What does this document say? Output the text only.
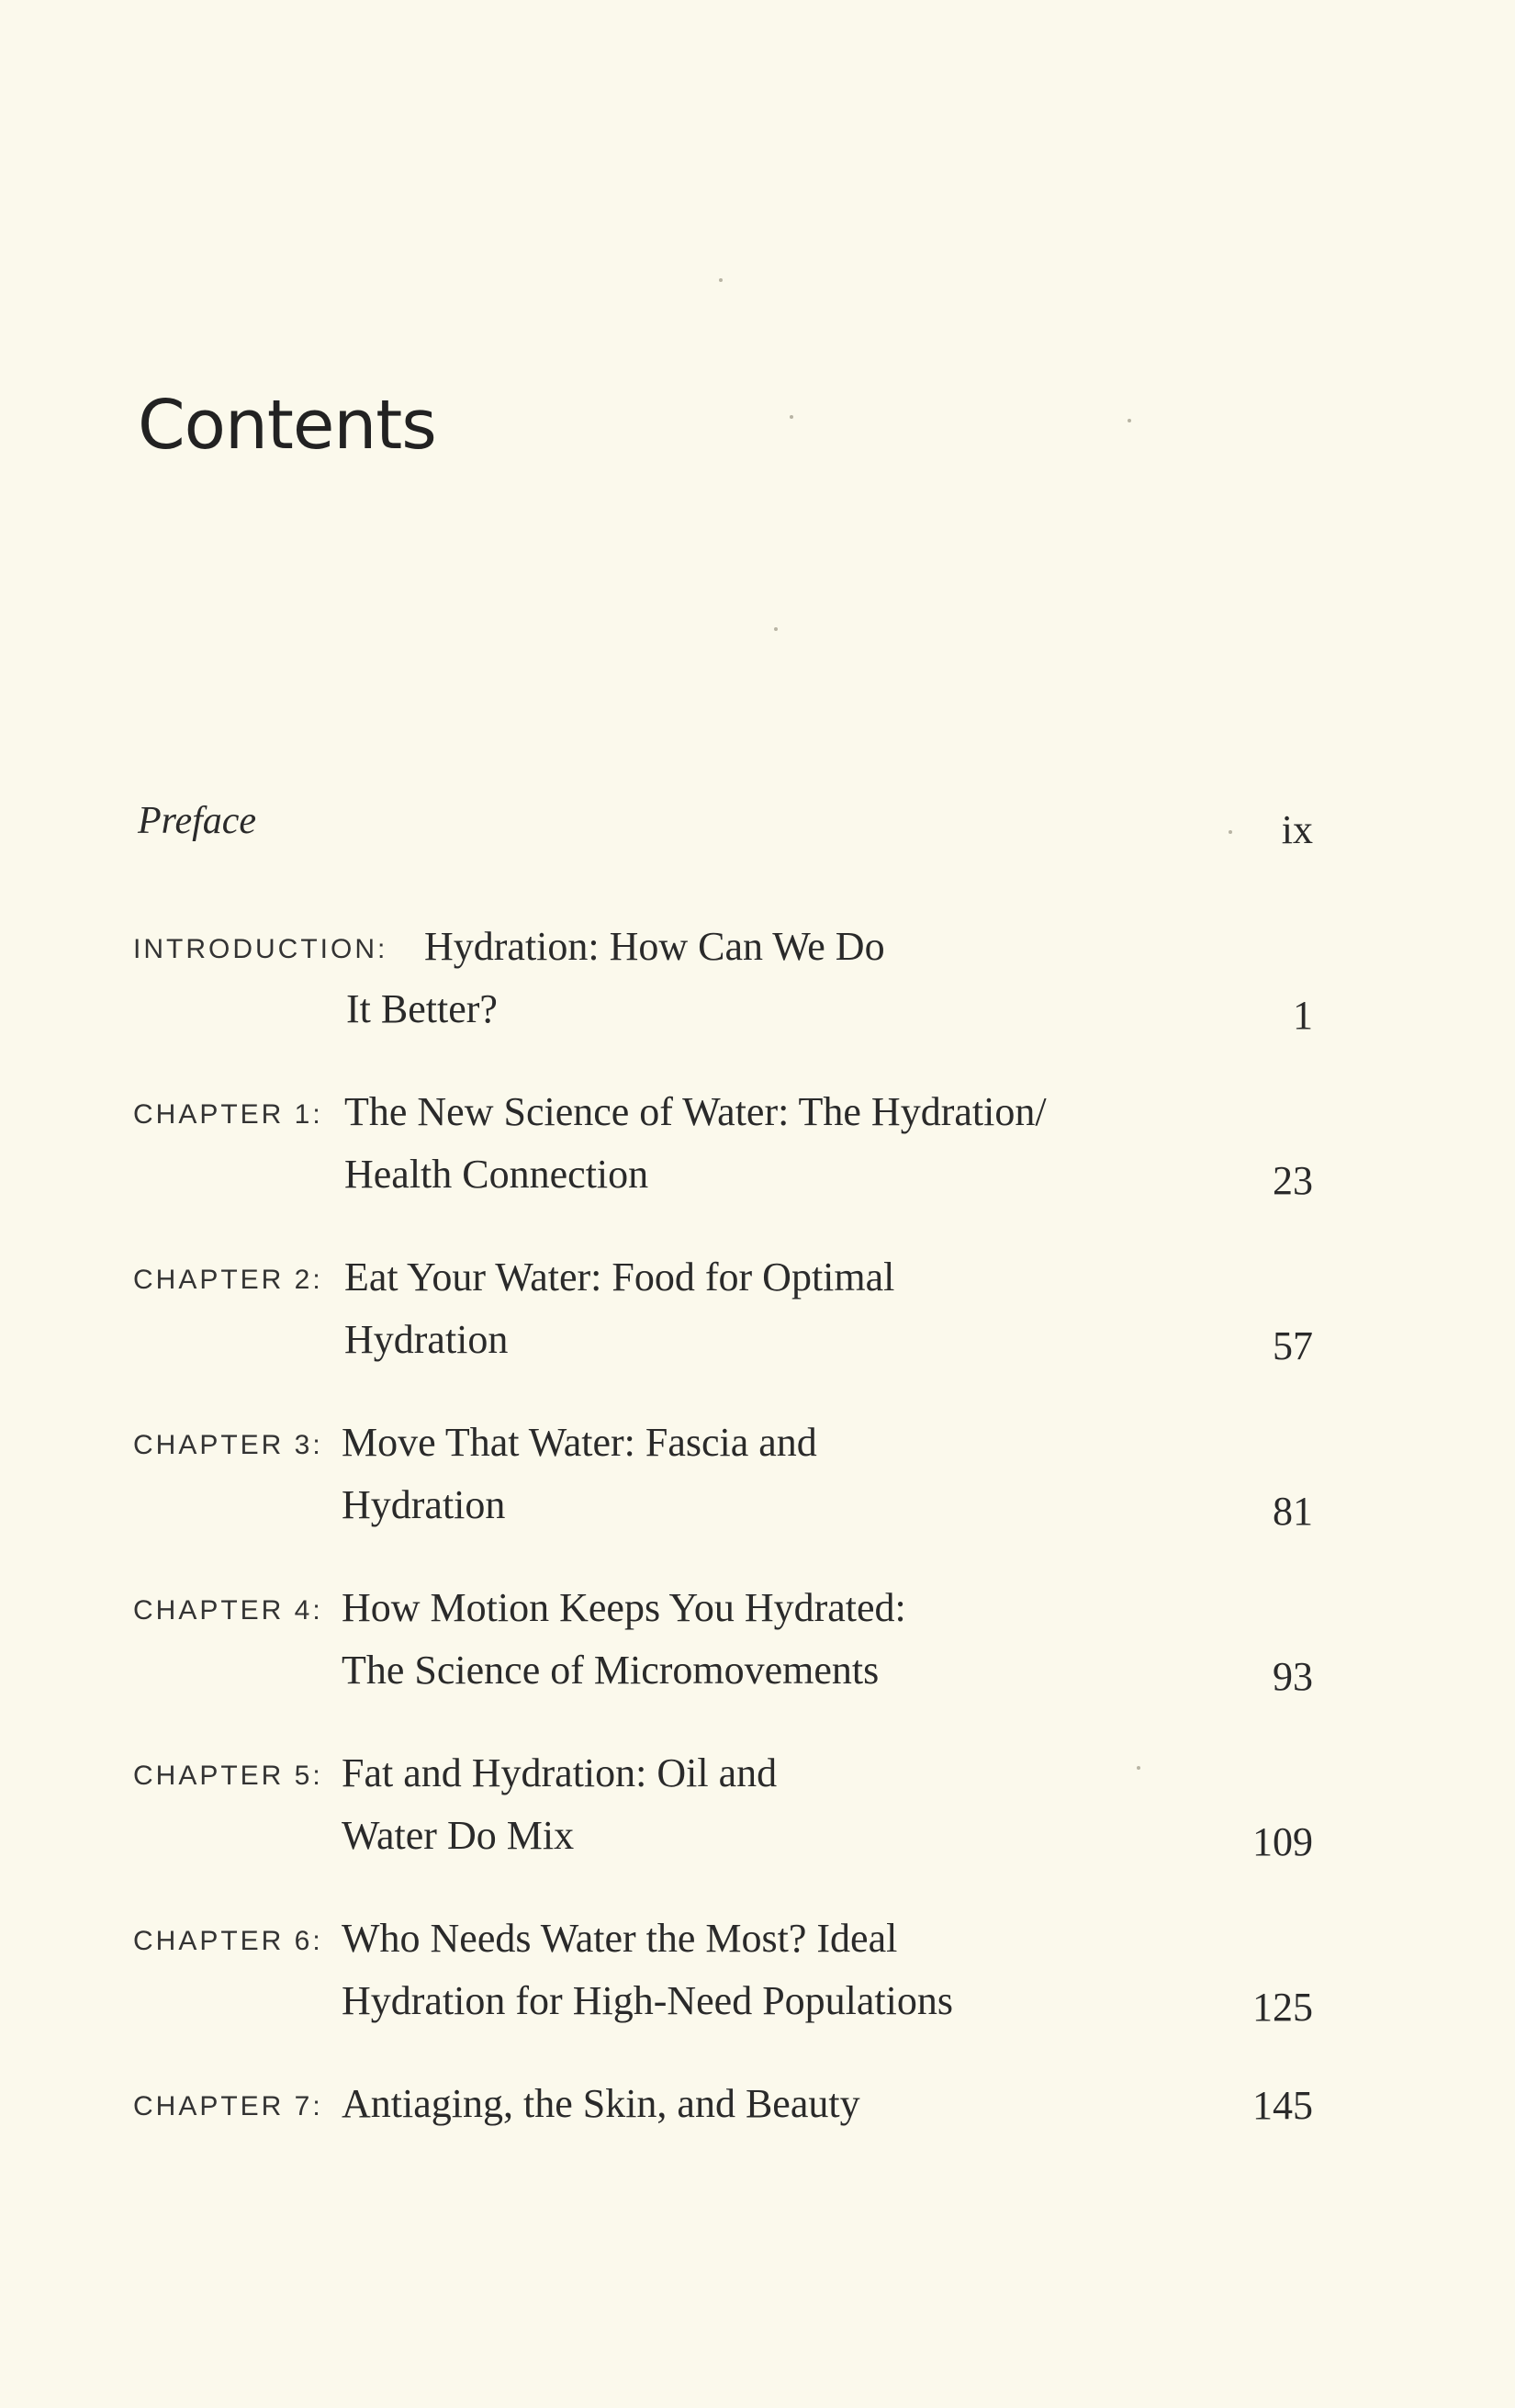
Contents
Preface	ix
INTRODUCTION: Hydration: How Can We Do
It Better?	1
CHAPTER 1: The New Science of Water: The Hydration/
Health Connection	23
CHAPTER 2: Eat Your Water: Food for Optimal
Hydration	57
CHAPTER 3: Move That Water: Fascia and
Hydration	81
CHAPTER 4: How Motion Keeps You Hydrated:
The Science of Micromovements	93
CHAPTER 5: Fat and Hydration: Oil and
Water Do Mix	109
CHAPTER 6: Who Needs Water the Most? Ideal
Hydration for High-Need Populations	125
CHAPTER 7: Antiaging, the Skin, and Beauty	145
